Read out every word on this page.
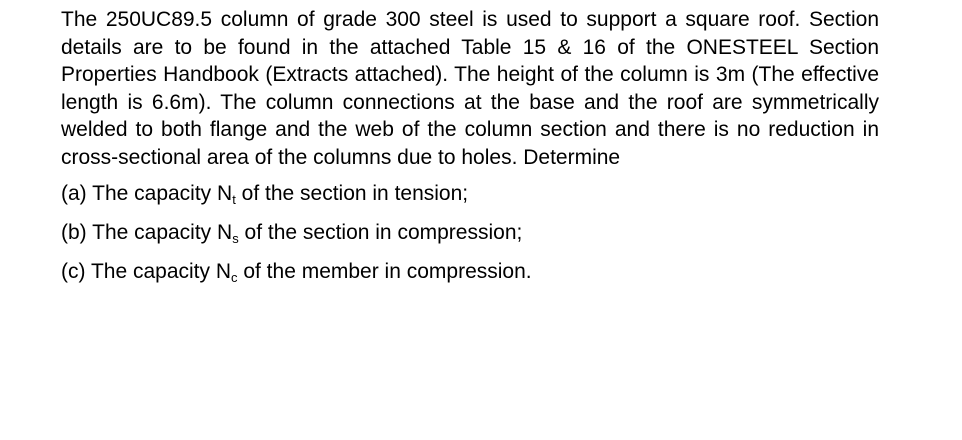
The 250UC89.5 column of grade 300 steel is used to support a square roof. Section details are to be found in the attached Table 15 & 16 of the ONESTEEL Section Properties Handbook (Extracts attached). The height of the column is 3m (The effective length is 6.6m). The column connections at the base and the roof are symmetrically welded to both flange and the web of the column section and there is no reduction in cross-sectional area of the columns due to holes. Determine

(a) The capacity $N_t$ of the section in tension;

(b) The capacity $N_s$ of the section in compression;

(c) The capacity $N_c$ of the member in compression.
